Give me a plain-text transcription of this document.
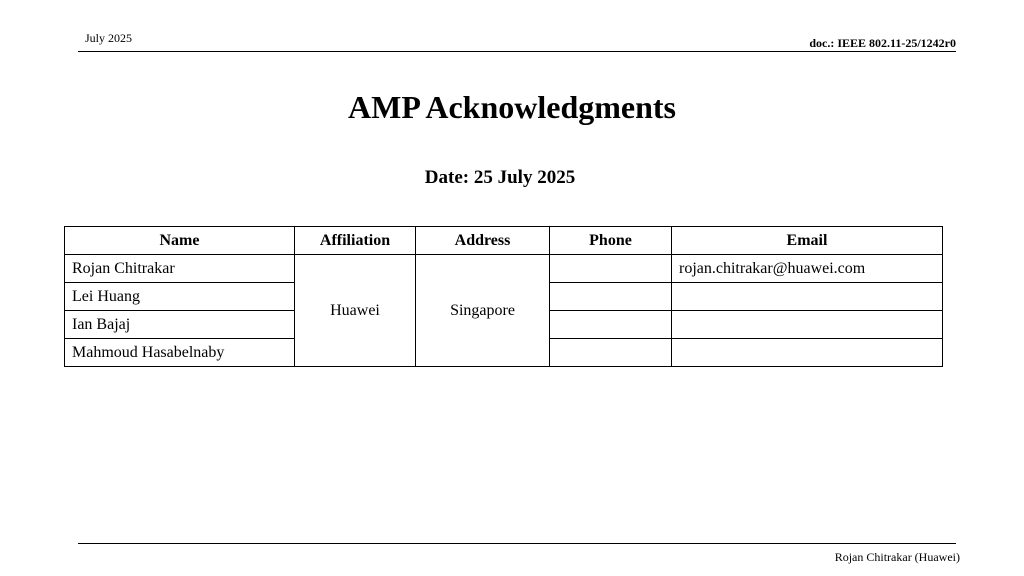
July 2025	doc.: IEEE 802.11-25/1242r0
AMP Acknowledgments
Date: 25 July 2025
Name	Affiliation	Address	Phone	Email
Rojan Chitrakar	Huawei	Singapore		rojan.chitrakar@huawei.com
Lei Huang				
Ian Bajaj				
Mahmoud Hasabelnaby				
Rojan Chitrakar (Huawei)
